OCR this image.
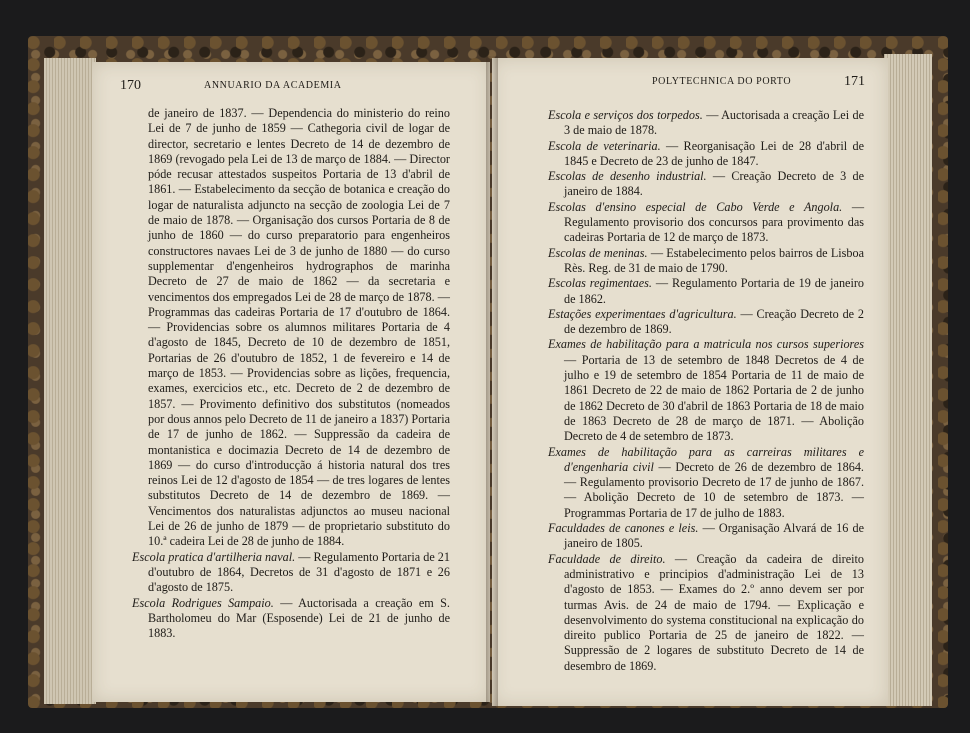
170	ANNUARIO DA ACADEMIA

de janeiro de 1837. — Dependencia do ministerio do reino Lei de 7 de junho de 1859 — Cathegoria civil de logar de director, secretario e lentes Decreto de 14 de dezembro de 1869 (revogado pela Lei de 13 de março de 1884. — Director póde recusar attestados suspeitos Portaria de 13 d'abril de 1861. — Estabelecimento da secção de botanica e creação do logar de naturalista adjuncto na secção de zoologia Lei de 7 de maio de 1878. — Organisação dos cursos Portaria de 8 de junho de 1860 — do curso preparatorio para engenheiros constructores navaes Lei de 3 de junho de 1880 — do curso supplementar d'engenheiros hydrographos de marinha Decreto de 27 de maio de 1862 — da secretaria e vencimentos dos empregados Lei de 28 de março de 1878. — Programmas das cadeiras Portaria de 17 d'outubro de 1864. — Providencias sobre os alumnos militares Portaria de 4 d'agosto de 1845, Decreto de 10 de dezembro de 1851, Portarias de 26 d'outubro de 1852, 1 de fevereiro e 14 de março de 1853. — Providencias sobre as lições, frequencia, exames, exercicios etc., etc. Decreto de 2 de dezembro de 1857. — Provimento definitivo dos substitutos (nomeados por dous annos pelo Decreto de 11 de janeiro a 1837) Portaria de 17 de junho de 1862. — Suppressão da cadeira de montanistica e docimazia Decreto de 14 de dezembro de 1869 — do curso d'introducção á historia natural dos tres reinos Lei de 12 d'agosto de 1854 — de tres logares de lentes substitutos Decreto de 14 de dezembro de 1869. — Vencimentos dos naturalistas adjunctos ao museu nacional Lei de 26 de junho de 1879 — de proprietario substituto do 10.ª cadeira Lei de 28 de junho de 1884.

Escola pratica d'artilheria naval. — Regulamento Portaria de 21 d'outubro de 1864, Decretos de 31 d'agosto de 1871 e 26 d'agosto de 1875.

Escola Rodrigues Sampaio. — Auctorisada a creação em S. Bartholomeu do Mar (Esposende) Lei de 21 de junho de 1883.

POLYTECHNICA DO PORTO	171

Escola e serviços dos torpedos. — Auctorisada a creação Lei de 3 de maio de 1878.

Escola de veterinaria. — Reorganisação Lei de 28 d'abril de 1845 e Decreto de 23 de junho de 1847.

Escolas de desenho industrial. — Creação Decreto de 3 de janeiro de 1884.

Escolas d'ensino especial de Cabo Verde e Angola. — Regulamento provisorio dos concursos para provimento das cadeiras Portaria de 12 de março de 1873.

Escolas de meninas. — Estabelecimento pelos bairros de Lisboa Rès. Reg. de 31 de maio de 1790.

Escolas regimentaes. — Regulamento Portaria de 19 de janeiro de 1862.

Estações experimentaes d'agricultura. — Creação Decreto de 2 de dezembro de 1869.

Exames de habilitação para a matricula nos cursos superiores — Portaria de 13 de setembro de 1848 Decretos de 4 de julho e 19 de setembro de 1854 Portaria de 11 de maio de 1861 Decreto de 22 de maio de 1862 Portaria de 2 de junho de 1862 Decreto de 30 d'abril de 1863 Portaria de 18 de maio de 1863 Decreto de 28 de março de 1871. — Abolição Decreto de 4 de setembro de 1873.

Exames de habilitação para as carreiras militares e d'engenharia civil — Decreto de 26 de dezembro de 1864. — Regulamento provisorio Decreto de 17 de junho de 1867. — Abolição Decreto de 10 de setembro de 1873. — Programmas Portaria de 17 de julho de 1883.

Faculdades de canones e leis. — Organisação Alvará de 16 de janeiro de 1805.

Faculdade de direito. — Creação da cadeira de direito administrativo e principios d'administração Lei de 13 d'agosto de 1853. — Exames do 2.º anno devem ser por turmas Avis. de 24 de maio de 1794. — Explicação e desenvolvimento do systema constitucional na explicação do direito publico Portaria de 25 de janeiro de 1822. — Suppressão de 2 logares de substituto Decreto de 14 de desembro de 1869.
